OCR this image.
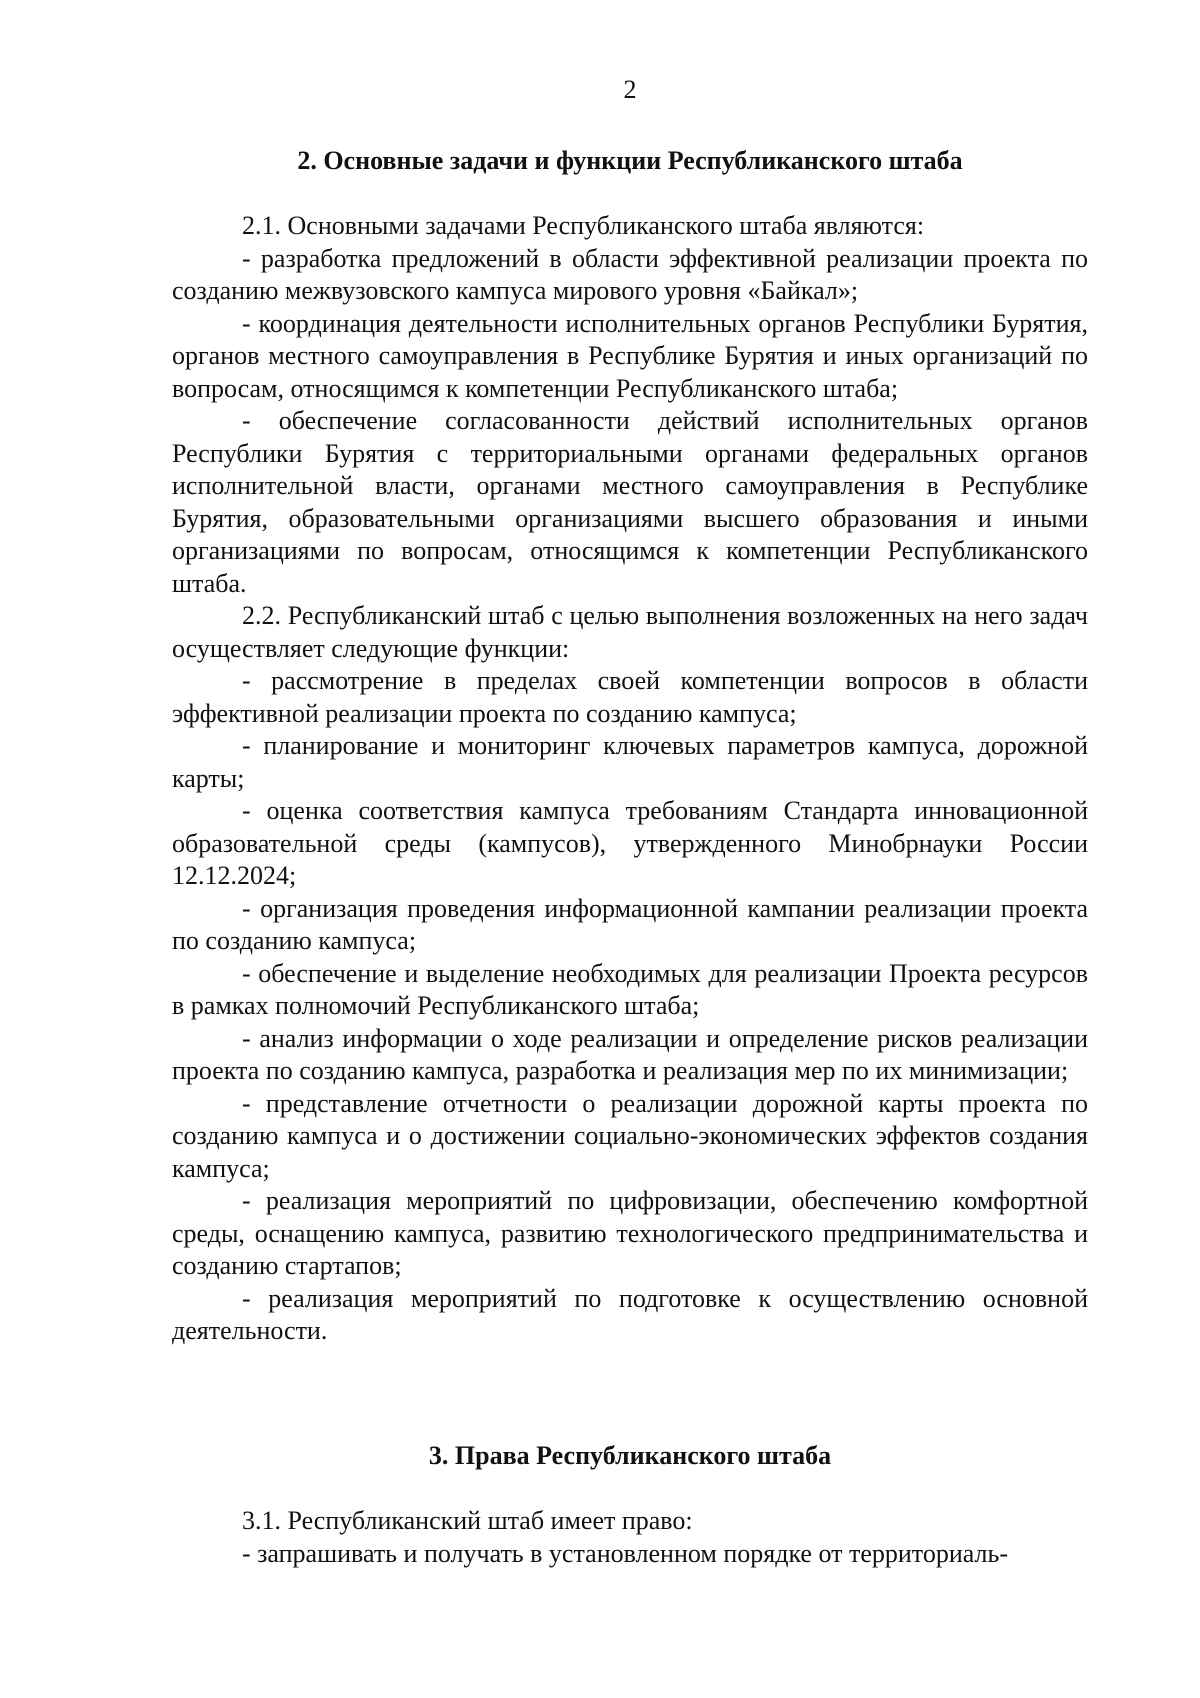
2
2. Основные задачи и функции Республиканского штаба

2.1. Основными задачами Республиканского штаба являются:

- разработка предложений в области эффективной реализации проекта по созданию межвузовского кампуса мирового уровня «Байкал»;

- координация деятельности исполнительных органов Республики Бурятия, органов местного самоуправления в Республике Бурятия и иных организаций по вопросам, относящимся к компетенции Республиканского штаба;

- обеспечение согласованности действий исполнительных органов Республики Бурятия с территориальными органами федеральных органов исполнительной власти, органами местного самоуправления в Республике Бурятия, образовательными организациями высшего образования и иными организациями по вопросам, относящимся к компетенции Республиканского штаба.

2.2. Республиканский штаб с целью выполнения возложенных на него задач осуществляет следующие функции:

- рассмотрение в пределах своей компетенции вопросов в области эффективной реализации проекта по созданию кампуса;

- планирование и мониторинг ключевых параметров кампуса, дорожной карты;

- оценка соответствия кампуса требованиям Стандарта инновационной образовательной среды (кампусов), утвержденного Минобрнауки России 12.12.2024;

- организация проведения информационной кампании реализации проекта по созданию кампуса;

- обеспечение и выделение необходимых для реализации Проекта ресурсов в рамках полномочий Республиканского штаба;

- анализ информации о ходе реализации и определение рисков реализации проекта по созданию кампуса, разработка и реализация мер по их минимизации;

- представление отчетности о реализации дорожной карты проекта по созданию кампуса и о достижении социально-экономических эффектов создания кампуса;

- реализация мероприятий по цифровизации, обеспечению комфортной среды, оснащению кампуса, развитию технологического предпринимательства и созданию стартапов;

- реализация мероприятий по подготовке к осуществлению основной деятельности.

3. Права Республиканского штаба

3.1. Республиканский штаб имеет право:

- запрашивать и получать в установленном порядке от территориаль-
